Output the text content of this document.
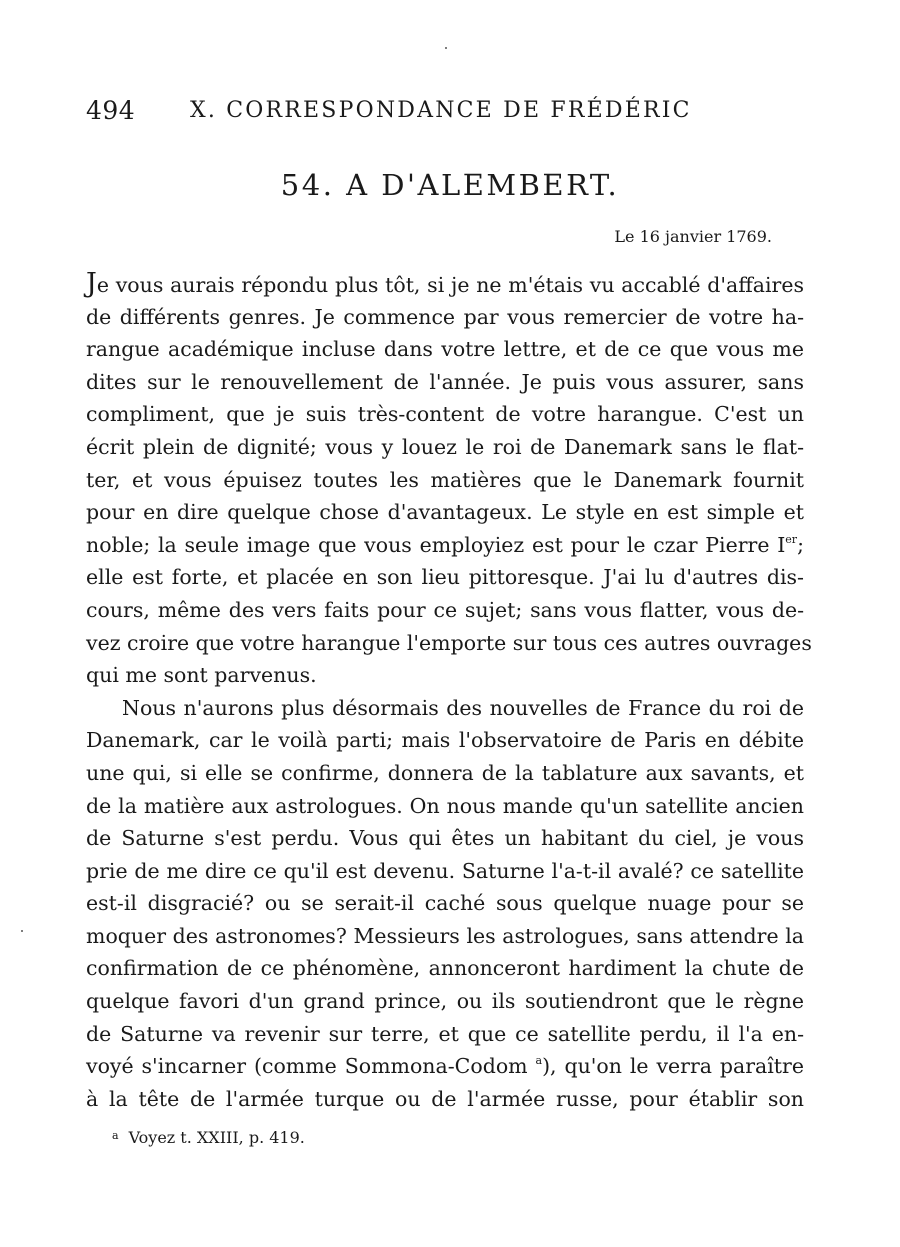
494 X. CORRESPONDANCE DE FRÉDÉRIC
54. A D'ALEMBERT.
Le 16 janvier 1769.
Je vous aurais répondu plus tôt, si je ne m'étais vu accablé d'affaires
de différents genres. Je commence par vous remercier de votre ha-
rangue académique incluse dans votre lettre, et de ce que vous me
dites sur le renouvellement de l'année. Je puis vous assurer, sans
compliment, que je suis très-content de votre harangue. C'est un
écrit plein de dignité; vous y louez le roi de Danemark sans le flat-
ter, et vous épuisez toutes les matières que le Danemark fournit
pour en dire quelque chose d'avantageux. Le style en est simple et
noble; la seule image que vous employiez est pour le czar Pierre Ier;
elle est forte, et placée en son lieu pittoresque. J'ai lu d'autres dis-
cours, même des vers faits pour ce sujet; sans vous flatter, vous de-
vez croire que votre harangue l'emporte sur tous ces autres ouvrages
qui me sont parvenus.
Nous n'aurons plus désormais des nouvelles de France du roi de
Danemark, car le voilà parti; mais l'observatoire de Paris en débite
une qui, si elle se confirme, donnera de la tablature aux savants, et
de la matière aux astrologues. On nous mande qu'un satellite ancien
de Saturne s'est perdu. Vous qui êtes un habitant du ciel, je vous
prie de me dire ce qu'il est devenu. Saturne l'a-t-il avalé? ce satellite
est-il disgracié? ou se serait-il caché sous quelque nuage pour se
moquer des astronomes? Messieurs les astrologues, sans attendre la
confirmation de ce phénomène, annonceront hardiment la chute de
quelque favori d'un grand prince, ou ils soutiendront que le règne
de Saturne va revenir sur terre, et que ce satellite perdu, il l'a en-
voyé s'incarner (comme Sommona-Codom $^a$), qu'on le verra paraître
à la tête de l'armée turque ou de l'armée russe, pour établir son
$^a$ Voyez t. XXIII, p. 419.
